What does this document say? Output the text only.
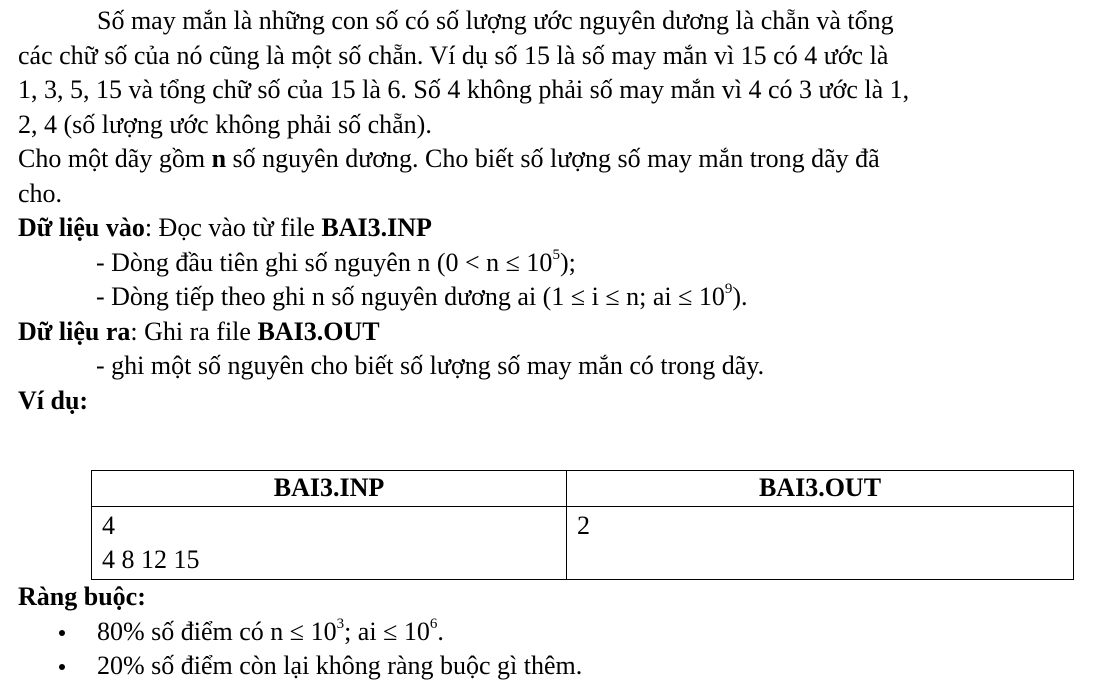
Số may mắn là những con số có số lượng ước nguyên dương là chẵn và tổng
các chữ số của nó cũng là một số chẵn. Ví dụ số 15 là số may mắn vì 15 có 4 ước là
1, 3, 5, 15 và tổng chữ số của 15 là 6. Số 4 không phải số may mắn vì 4 có 3 ước là 1,
2, 4 (số lượng ước không phải số chẵn).

Cho một dãy gồm n số nguyên dương. Cho biết số lượng số may mắn trong dãy đã
cho.

Dữ liệu vào: Đọc vào từ file BAI3.INP

- Dòng đầu tiên ghi số nguyên n $(0 < n \le 10^5)$;

- Dòng tiếp theo ghi n số nguyên dương ai (1 ≤ i ≤ n; ai ≤ $10^9$).

Dữ liệu ra: Ghi ra file BAI3.OUT

- ghi một số nguyên cho biết số lượng số may mắn có trong dãy.

Ví dụ:

BAI3.INP	BAI3.OUT
4
4 8 12 15	2

Ràng buộc:

80% số điểm có $n \le 10^3$; ai ≤ $10^6$.
20% số điểm còn lại không ràng buộc gì thêm.
